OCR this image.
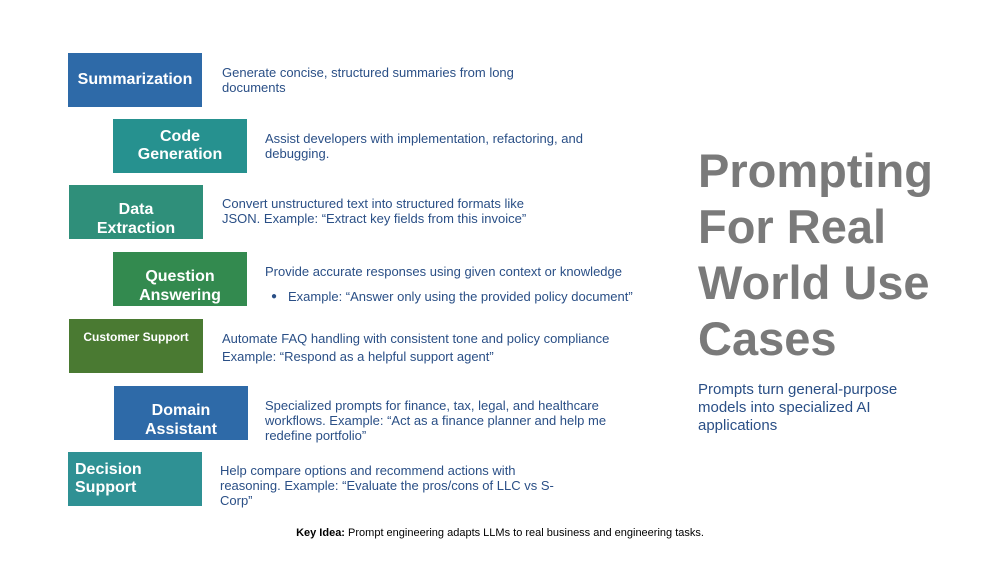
Summarization Generate concise, structured summaries from long documents

Code
Generation

Assist developers with implementation, refactoring, and debugging.

Data
Extraction

Convert unstructured text into structured formats like JSON. Example: “Extract key fields from this invoice”

Question
Answering

Provide accurate responses using given context or knowledge

● Example: “Answer only using the provided policy document”
Customer Support	Automate FAQ handling with consistent tone and policy compliance

Example: “Respond as a helpful support agent”

Domain
Assistant

Specialized prompts for finance, tax, legal, and healthcare workflows. Example: “Act as a finance planner and help me redefine portfolio”

Decision
Support

Help compare options and recommend actions with reasoning. Example: “Evaluate the pros/cons of LLC vs S-Corp”

Prompting For Real World Use Cases

Prompts turn general-purpose models into specialized AI applications

Key Idea: Prompt engineering adapts LLMs to real business and engineering tasks.
